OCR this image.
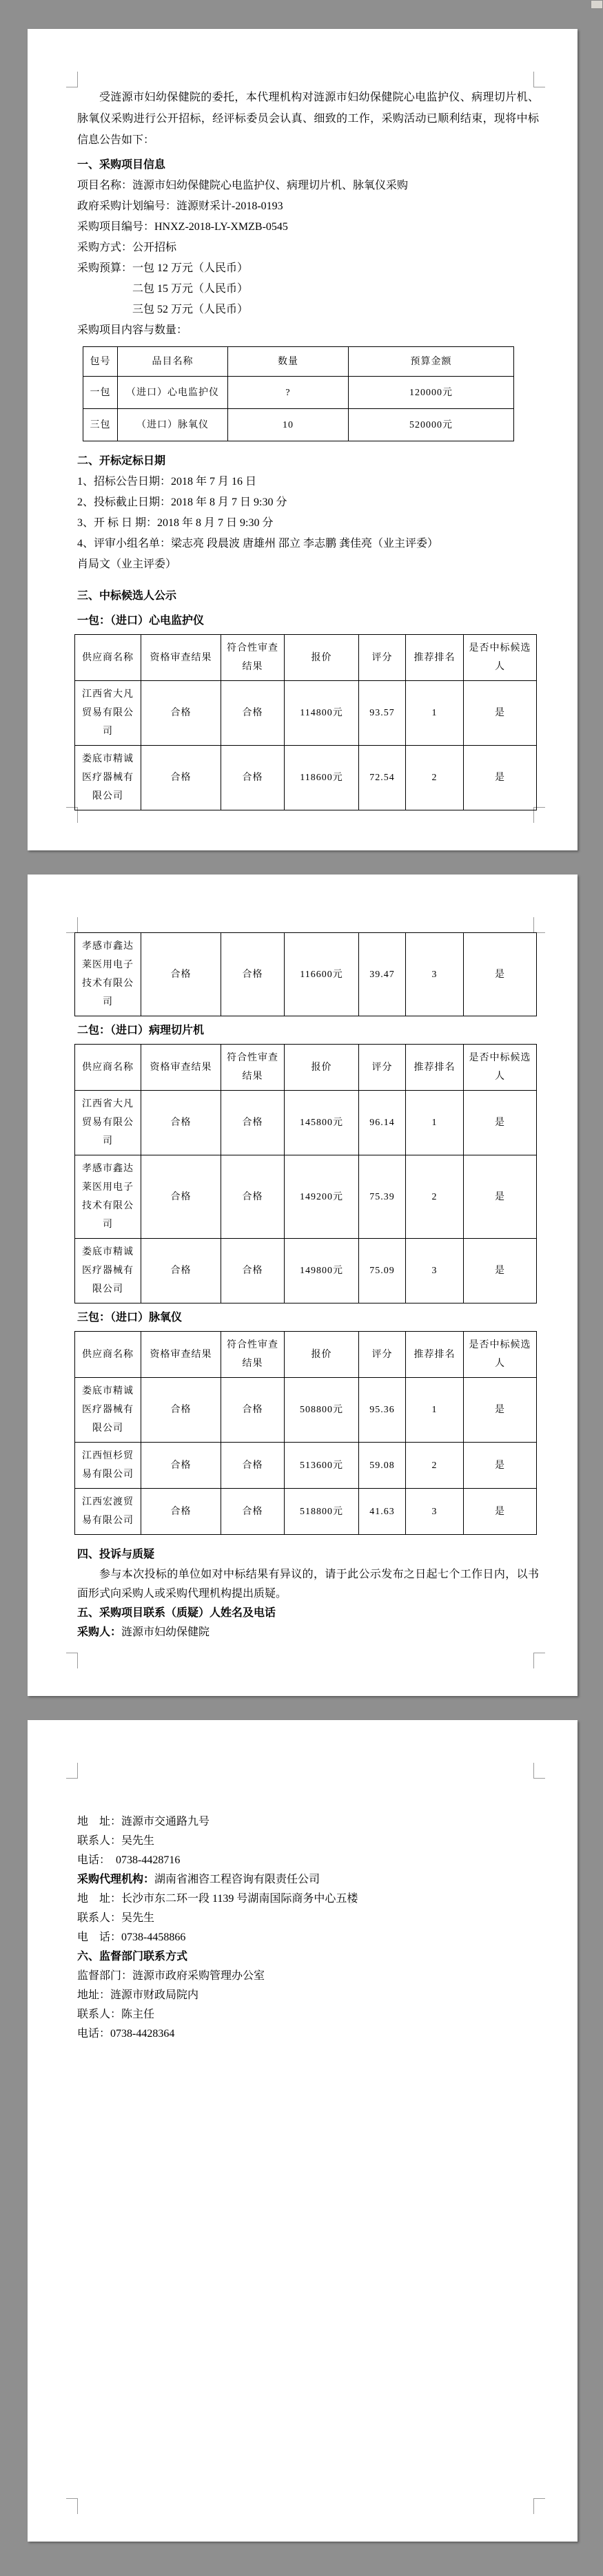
受涟源市妇幼保健院的委托，本代理机构对涟源市妇幼保健院心电监护仪、病理切片机、脉氧仪采购进行公开招标，经评标委员会认真、细致的工作，采购活动已顺利结束，现将中标信息公告如下：

一、采购项目信息
项目名称：涟源市妇幼保健院心电监护仪、病理切片机、脉氧仪采购
政府采购计划编号：涟源财采计-2018-0193
采购项目编号：HNXZ-2018-LY-XMZB-0545
采购方式：公开招标
采购预算：一包 12 万元（人民币）
二包 15 万元（人民币）
三包 52 万元（人民币）
采购项目内容与数量：
包号	品目名称	数量	预算金额
一包	（进口）心电监护仪	?	120000元
三包	（进口）脉氧仪	10	520000元
二、开标定标日期
1、招标公告日期：2018 年 7 月 16 日
2、投标截止日期：2018 年 8 月 7 日 9:30 分
3、开 标 日 期：2018 年 8 月 7 日 9:30 分
4、评审小组名单：梁志亮 段晨波 唐雄州 邵立 李志鹏 龚佳亮（业主评委）
肖局文（业主评委）
三、中标候选人公示
一包：（进口）心电监护仪
供应商名称	资格审查结果	符合性审查结果	报价	评分	推荐排名	是否中标候选人
江西省大凡贸易有限公司	合格	合格	114800元	93.57	1	是
娄底市精诚医疗器械有限公司	合格	合格	118600元	72.54	2	是
孝感市鑫达莱医用电子技术有限公司	合格	合格	116600元	39.47	3	是
二包：（进口）病理切片机
供应商名称	资格审查结果	符合性审查结果	报价	评分	推荐排名	是否中标候选人
江西省大凡贸易有限公司	合格	合格	145800元	96.14	1	是
孝感市鑫达莱医用电子技术有限公司	合格	合格	149200元	75.39	2	是
娄底市精诚医疗器械有限公司	合格	合格	149800元	75.09	3	是
三包：（进口）脉氧仪
供应商名称	资格审查结果	符合性审查结果	报价	评分	推荐排名	是否中标候选人
娄底市精诚医疗器械有限公司	合格	合格	508800元	95.36	1	是
江西恒杉贸易有限公司	合格	合格	513600元	59.08	2	是
江西宏渡贸易有限公司	合格	合格	518800元	41.63	3	是
四、投诉与质疑

参与本次投标的单位如对中标结果有异议的，请于此公示发布之日起七个工作日内，以书面形式向采购人或采购代理机构提出质疑。

五、采购项目联系（质疑）人姓名及电话
采购人：涟源市妇幼保健院
地　址：涟源市交通路九号
联系人：吴先生
电话：　0738-4428716
采购代理机构：湖南省湘咨工程咨询有限责任公司
地　址：长沙市东二环一段 1139 号湖南国际商务中心五楼
联系人：吴先生
电　话：0738-4458866
六、监督部门联系方式
监督部门：涟源市政府采购管理办公室
地址：涟源市财政局院内
联系人：陈主任
电话：0738-4428364
